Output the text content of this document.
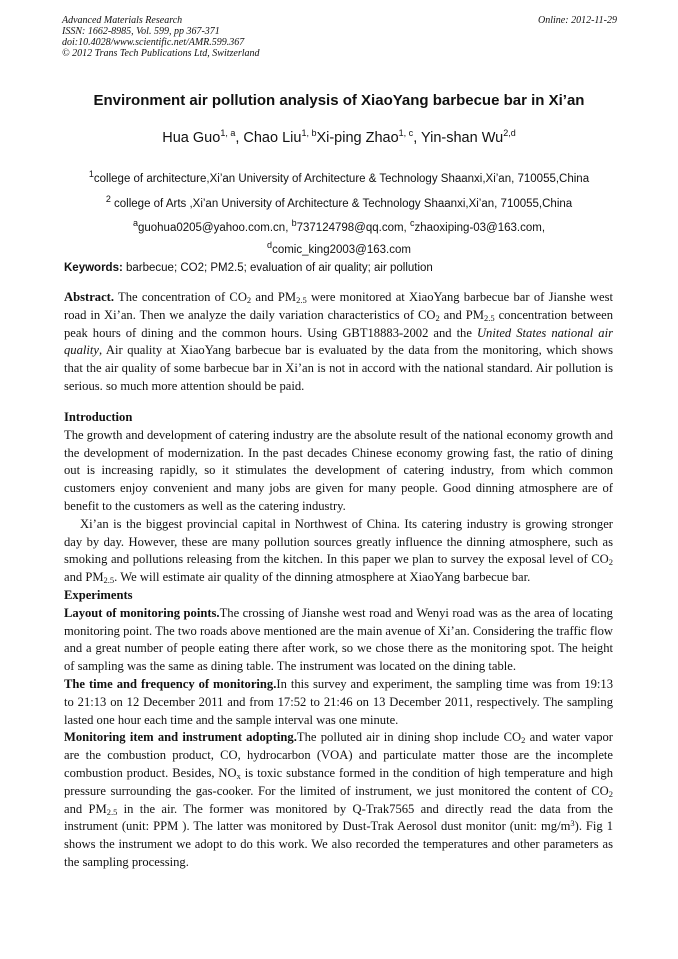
Advanced Materials Research
ISSN: 1662-8985, Vol. 599, pp 367-371
doi:10.4028/www.scientific.net/AMR.599.367
© 2012 Trans Tech Publications Ltd, Switzerland
Online: 2012-11-29
Environment air pollution analysis of XiaoYang barbecue bar in Xi’an
Hua Guo$^{1, a}$, Chao Liu$^{1, b}$Xi-ping Zhao$^{1, c}$, Yin-shan Wu$^{2,d}$
$^1$college of architecture,Xi’an University of Architecture & Technology Shaanxi,Xi’an, 710055,China
$^2$ college of Arts ,Xi’an University of Architecture & Technology Shaanxi,Xi’an, 710055,China
$^a$guohua0205@yahoo.com.cn, $^b$737124798@qq.com, $^c$zhaoxiping-03@163.com,
$^d$comic_king2003@163.com
Keywords: barbecue; CO2; PM2.5; evaluation of air quality; air pollution

Abstract. The concentration of $CO_2$ and $PM_{2.5}$ were monitored at XiaoYang barbecue bar of Jianshe west road in Xi’an. Then we analyze the daily variation characteristics of $CO_2$ and $PM_{2.5}$ concentration between peak hours of dining and the common hours. Using GBT18883-2002 and the United States national air quality, Air quality at XiaoYang barbecue bar is evaluated by the data from the monitoring, which shows that the air quality of some barbecue bar in Xi’an is not in accord with the national standard. Air pollution is serious. so much more attention should be paid.

Introduction

The growth and development of catering industry are the absolute result of the national economy growth and the development of modernization. In the past decades Chinese economy growing fast, the ratio of dining out is increasing rapidly, so it stimulates the development of catering industry, from which common customers enjoy convenient and many jobs are given for many people. Good dinning atmosphere are of benefit to the customers as well as the catering industry.

Xi’an is the biggest provincial capital in Northwest of China. Its catering industry is growing stronger day by day. However, these are many pollution sources greatly influence the dinning atmosphere, such as smoking and pollutions releasing from the kitchen. In this paper we plan to survey the exposal level of $CO_2$ and $PM_{2.5}$. We will estimate air quality of the dinning atmosphere at XiaoYang barbecue bar.

Experiments

Layout of monitoring points.The crossing of Jianshe west road and Wenyi road was as the area of locating monitoring point. The two roads above mentioned are the main avenue of Xi’an. Considering the traffic flow and a great number of people eating there after work, so we chose there as the monitoring spot. The height of sampling was the same as dining table. The instrument was located on the dining table.

The time and frequency of monitoring.In this survey and experiment, the sampling time was from 19:13 to 21:13 on 12 December 2011 and from 17:52 to 21:46 on 13 December 2011, respectively. The sampling lasted one hour each time and the sample interval was one minute.

Monitoring item and instrument adopting.The polluted air in dining shop include $CO_2$ and water vapor are the combustion product, CO, hydrocarbon (VOA) and particulate matter those are the incomplete combustion product. Besides, $NO_x$ is toxic substance formed in the condition of high temperature and high pressure surrounding the gas-cooker. For the limited of instrument, we just monitored the content of $CO_2$ and $PM_{2.5}$ in the air. The former was monitored by Q-Trak7565 and directly read the data from the instrument (unit: PPM ). The latter was monitored by Dust-Trak Aerosol dust monitor (unit: $mg/m^3$). Fig 1 shows the instrument we adopt to do this work. We also recorded the temperatures and other parameters as the sampling processing.
